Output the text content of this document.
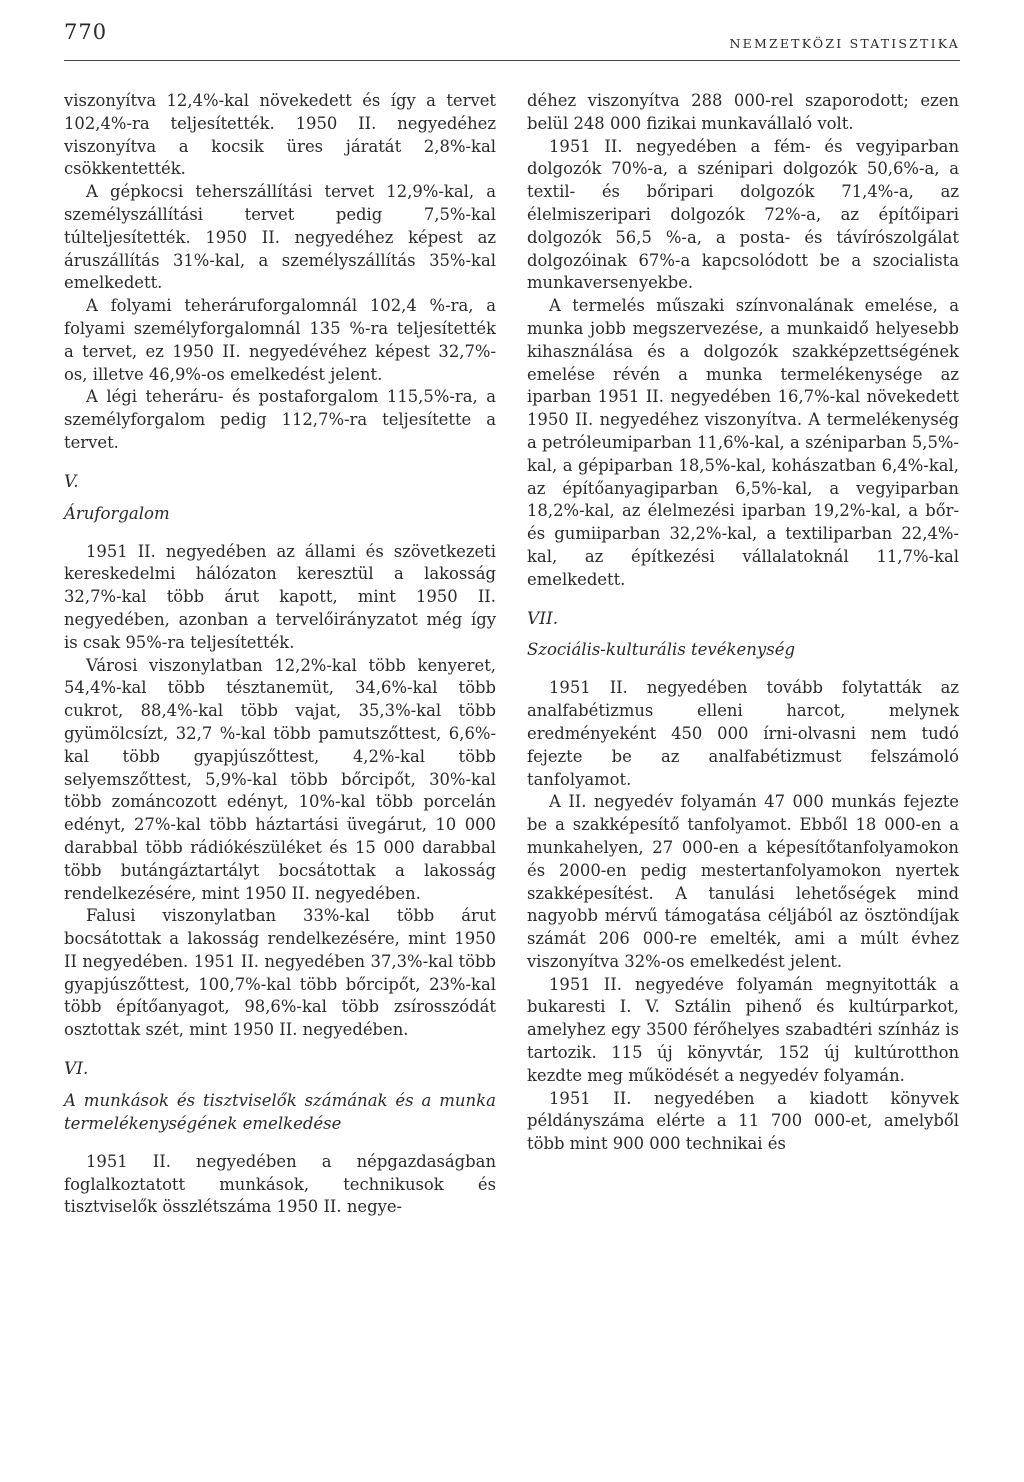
770	NEMZETKÖZI STATISZTIKA

viszonyítva 12,4%-kal növekedett és így a tervet 102,4%-ra teljesítették. 1950 II. negyedéhez viszonyítva a kocsik üres járatát 2,8%-kal csökkentették.

A gépkocsi teherszállítási tervet 12,9%-kal, a személyszállítási tervet pedig 7,5%-kal túlteljesítették. 1950 II. negyedéhez képest az áruszállítás 31%-kal, a személyszállítás 35%-kal emelkedett.

A folyami teheráruforgalomnál 102,4 %-ra, a folyami személyforgalomnál 135 %-ra teljesítették a tervet, ez 1950 II. negyedévéhez képest 32,7%-os, illetve 46,9%-os emelkedést jelent.

A légi teheráru- és postaforgalom 115,5%-ra, a személyforgalom pedig 112,7%-ra teljesítette a tervet.

V.

Áruforgalom

1951 II. negyedében az állami és szövetkezeti kereskedelmi hálózaton keresztül a lakosság 32,7%-kal több árut kapott, mint 1950 II. negyedében, azonban a tervelőirányzatot még így is csak 95%-ra teljesítették.

Városi viszonylatban 12,2%-kal több kenyeret, 54,4%-kal több tésztanemüt, 34,6%-kal több cukrot, 88,4%-kal több vajat, 35,3%-kal több gyümölcsízt, 32,7 %-kal több pamutszőttest, 6,6%-kal több gyapjúszőttest, 4,2%-kal több selyemszőttest, 5,9%-kal több bőrcipőt, 30%-kal több zománcozott edényt, 10%-kal több porcelán edényt, 27%-kal több háztartási üvegárut, 10 000 darabbal több rádiókészüléket és 15 000 darabbal több butángáztartályt bocsátottak a lakosság rendelkezésére, mint 1950 II. negyedében.

Falusi viszonylatban 33%-kal több árut bocsátottak a lakosság rendelkezésére, mint 1950 II negyedében. 1951 II. negyedében 37,3%-kal több gyapjúszőttest, 100,7%-kal több bőrcipőt, 23%-kal több építőanyagot, 98,6%-kal több zsírosszódát osztottak szét, mint 1950 II. negyedében.

VI.

A munkások és tisztviselők számának és a munka termelékenységének emelkedése

1951 II. negyedében a népgazdaságban foglalkoztatott munkások, technikusok és tisztviselők összlétszáma 1950 II. negye-

déhez viszonyítva 288 000-rel szaporodott; ezen belül 248 000 fizikai munkavállaló volt.

1951 II. negyedében a fém- és vegyiparban dolgozók 70%-a, a szénipari dolgozók 50,6%-a, a textil- és bőripari dolgozók 71,4%-a, az élelmiszeripari dolgozók 72%-a, az építőipari dolgozók 56,5 %-a, a posta- és távírószolgálat dolgozóinak 67%-a kapcsolódott be a szocialista munkaversenyekbe.

A termelés műszaki színvonalának emelése, a munka jobb megszervezése, a munkaidő helyesebb kihasználása és a dolgozók szakképzettségének emelése révén a munka termelékenysége az iparban 1951 II. negyedében 16,7%-kal növekedett 1950 II. negyedéhez viszonyítva. A termelékenység a petróleumiparban 11,6%-kal, a széniparban 5,5%-kal, a gépiparban 18,5%-kal, kohászatban 6,4%-kal, az építőanyagiparban 6,5%-kal, a vegyiparban 18,2%-kal, az élelmezési iparban 19,2%-kal, a bőr- és gumiiparban 32,2%-kal, a textiliparban 22,4%-kal, az építkezési vállalatoknál 11,7%-kal emelkedett.

VII.

Szociális-kulturális tevékenység

1951 II. negyedében tovább folytatták az analfabétizmus elleni harcot, melynek eredményeként 450 000 írni-olvasni nem tudó fejezte be az analfabétizmust felszámoló tanfolyamot.

A II. negyedév folyamán 47 000 munkás fejezte be a szakképesítő tanfolyamot. Ebből 18 000-en a munkahelyen, 27 000-en a képesítőtanfolyamokon és 2000-en pedig mestertanfolyamokon nyertek szakképesítést. A tanulási lehetőségek mind nagyobb mérvű támogatása céljából az ösztöndíjak számát 206 000-re emelték, ami a múlt évhez viszonyítva 32%-os emelkedést jelent.

1951 II. negyedéve folyamán megnyitották a bukaresti I. V. Sztálin pihenő és kultúrparkot, amelyhez egy 3500 férőhelyes szabadtéri színház is tartozik. 115 új könyvtár, 152 új kultúrotthon kezdte meg működését a negyedév folyamán.

1951 II. negyedében a kiadott könyvek példányszáma elérte a 11 700 000-et, amelyből több mint 900 000 technikai és
